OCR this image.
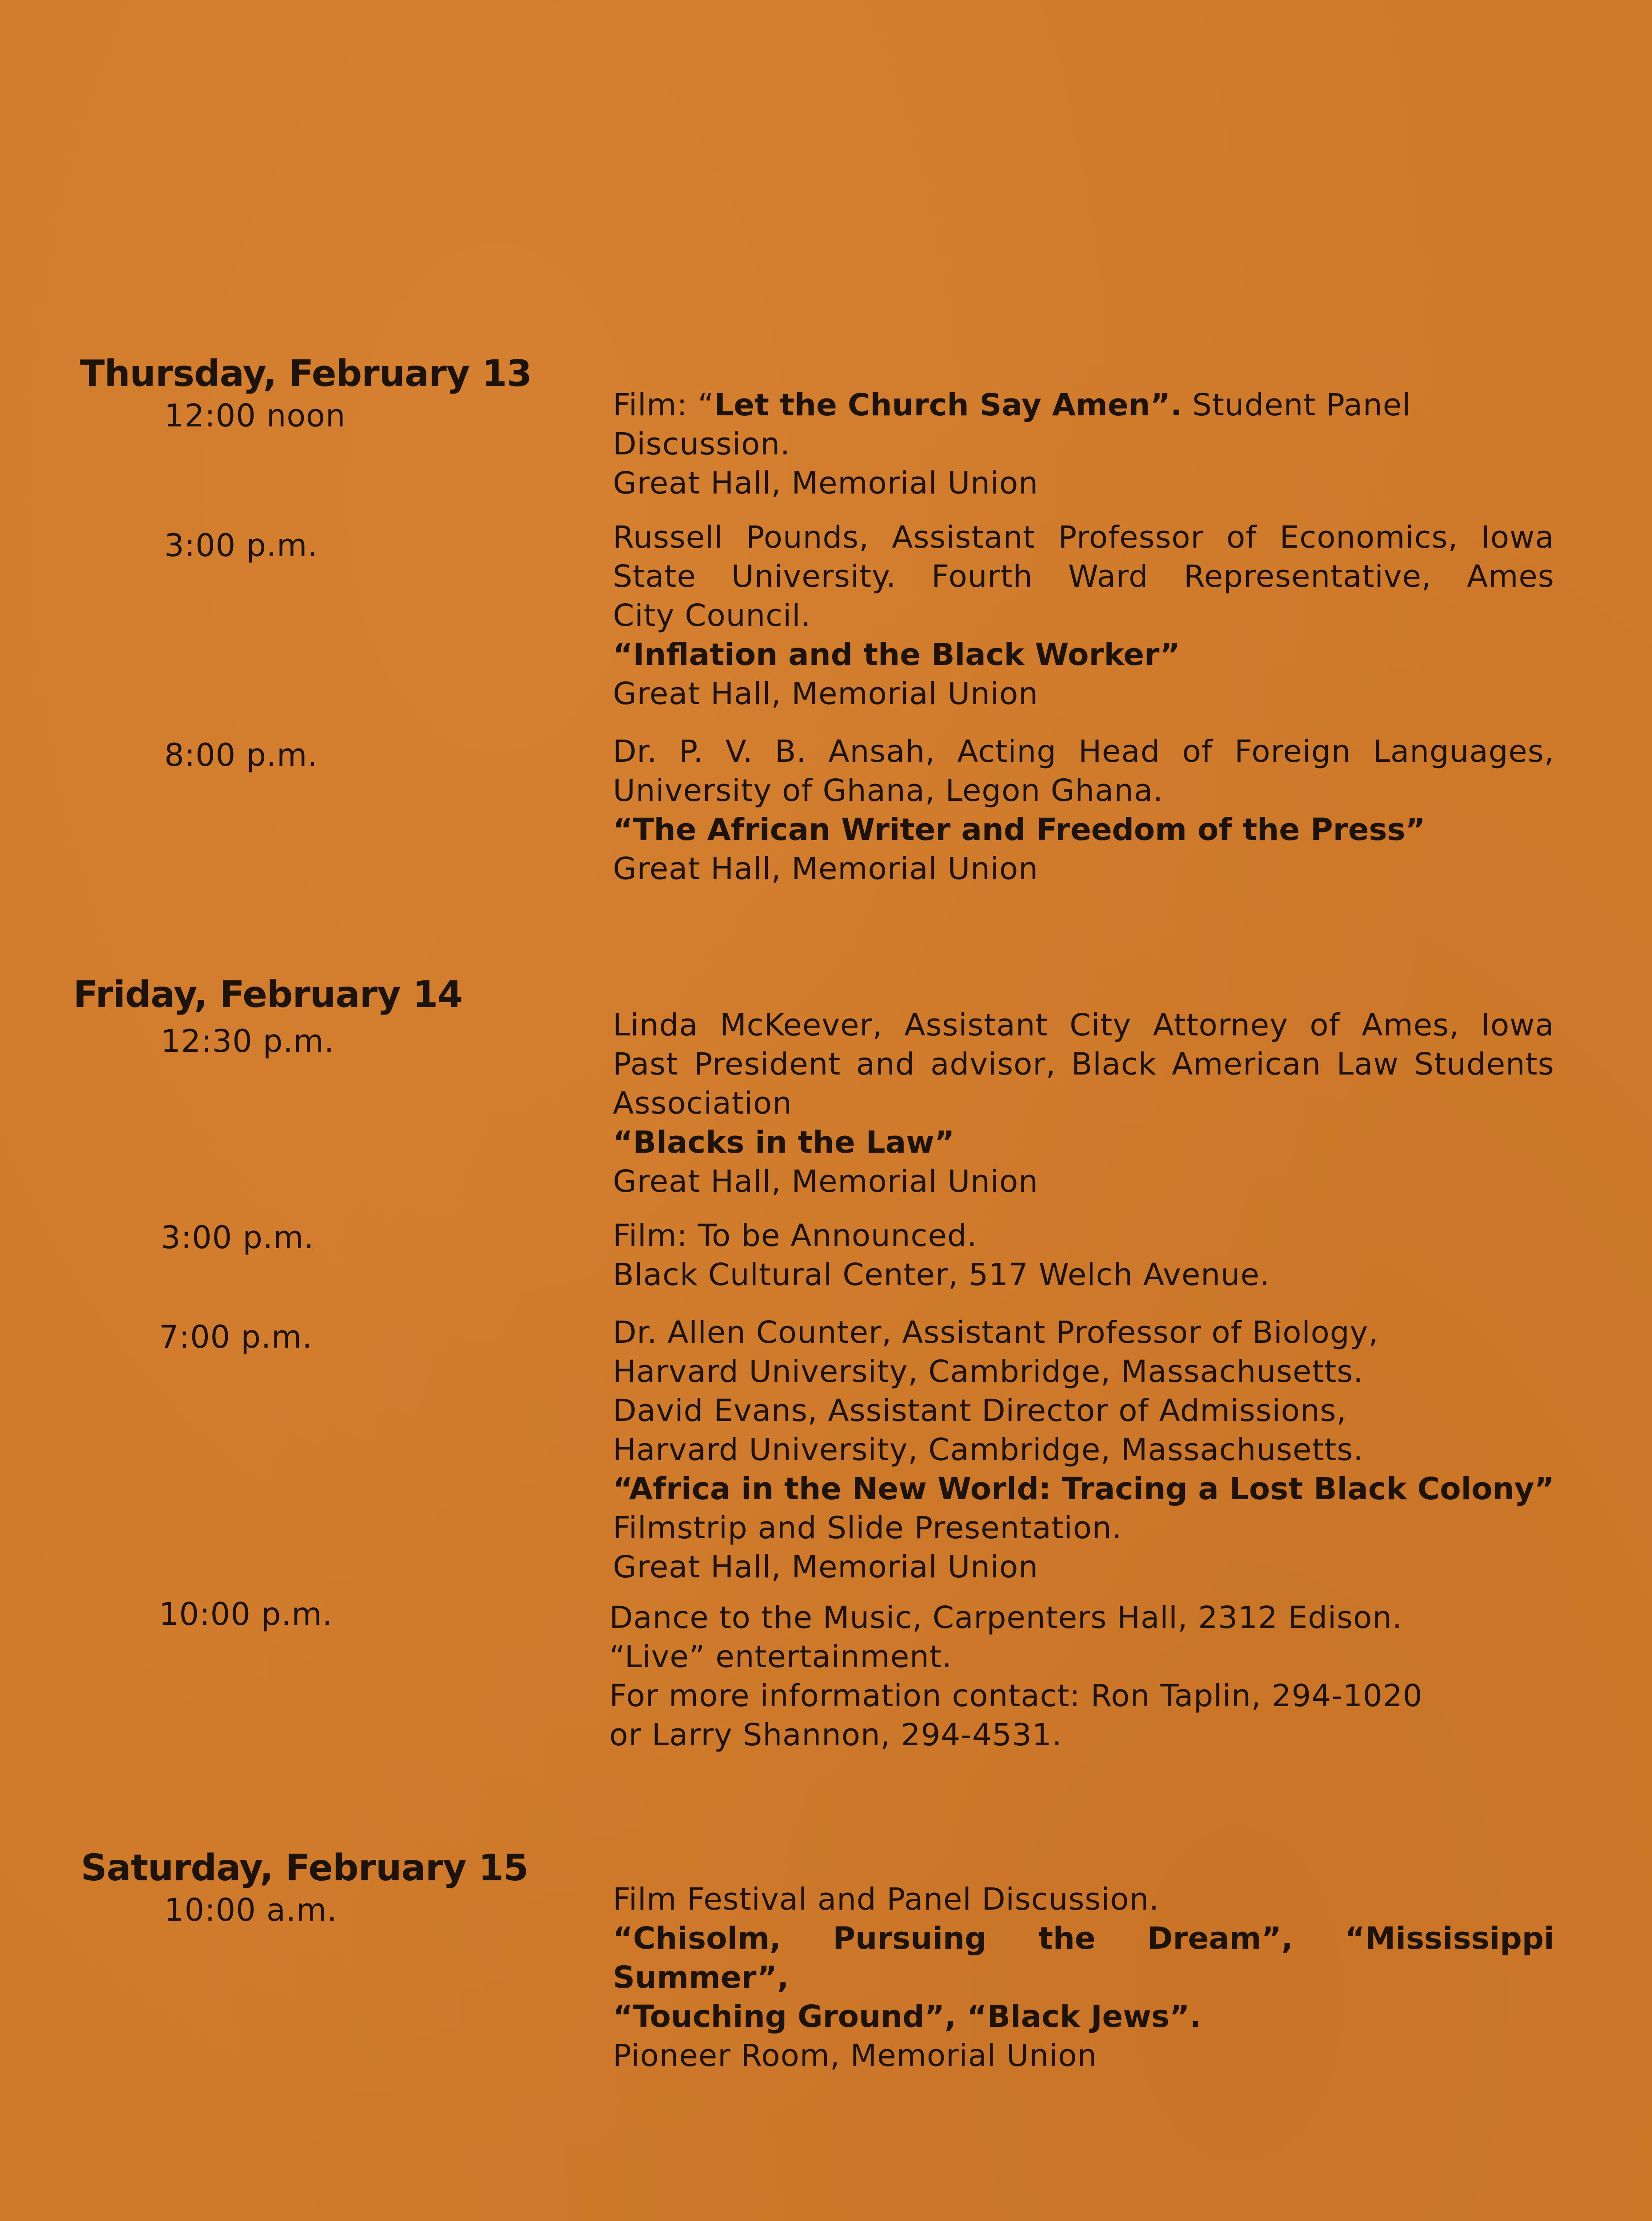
Thursday, February 13
12:00 noon	Film: “Let the Church Say Amen”. Student Panel
Discussion.
Great Hall, Memorial Union
3:00 p.m.	Russell Pounds, Assistant Professor of Economics, Iowa
State University. Fourth Ward Representative, Ames
City Council.
“Inflation and the Black Worker”
Great Hall, Memorial Union
8:00 p.m.	Dr. P. V. B. Ansah, Acting Head of Foreign Languages,
University of Ghana, Legon Ghana.
“The African Writer and Freedom of the Press”
Great Hall, Memorial Union
Friday, February 14
12:30 p.m.	Linda McKeever, Assistant City Attorney of Ames, Iowa
Past President and advisor, Black American Law Students
Association
“Blacks in the Law”
Great Hall, Memorial Union
3:00 p.m.	Film: To be Announced.
Black Cultural Center, 517 Welch Avenue.
7:00 p.m.	Dr. Allen Counter, Assistant Professor of Biology,
Harvard University, Cambridge, Massachusetts.
David Evans, Assistant Director of Admissions,
Harvard University, Cambridge, Massachusetts.
“Africa in the New World: Tracing a Lost Black Colony”
Filmstrip and Slide Presentation.
Great Hall, Memorial Union
10:00 p.m.	Dance to the Music, Carpenters Hall, 2312 Edison.
“Live” entertainment.
For more information contact: Ron Taplin, 294-1020
or Larry Shannon, 294-4531.
Saturday, February 15
10:00 a.m.	Film Festival and Panel Discussion.
“Chisolm, Pursuing the Dream”, “Mississippi Summer”,
“Touching Ground”, “Black Jews”.
Pioneer Room, Memorial Union
